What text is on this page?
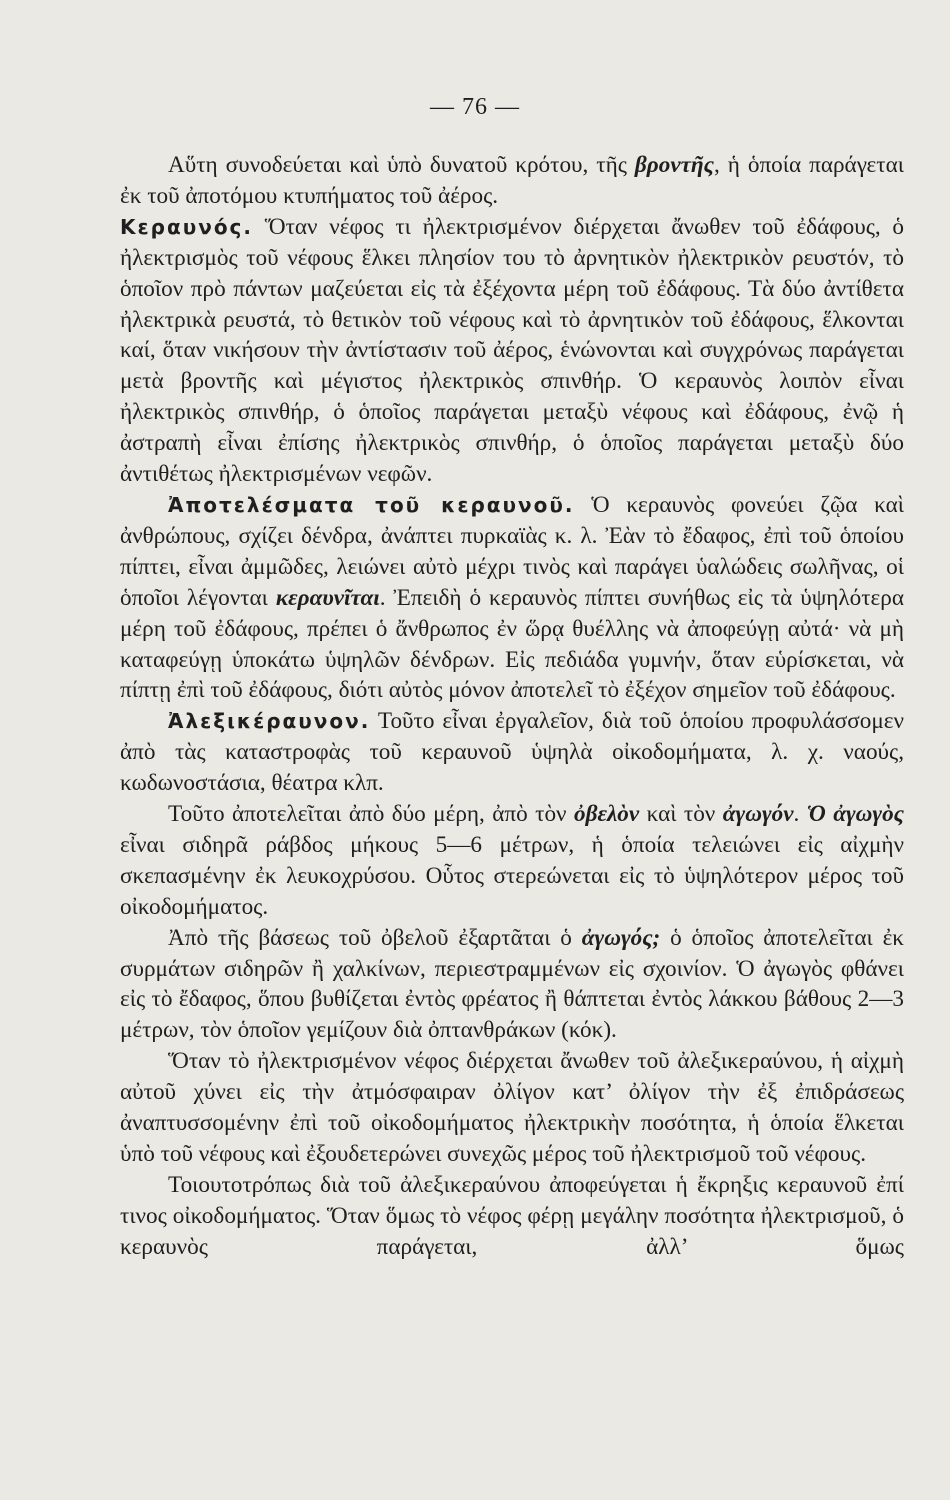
— 76 —

Αὕτη συνοδεύεται καὶ ὑπὸ δυνατοῦ κρότου, τῆς βροντῆς, ἡ ὁποία παράγεται ἐκ τοῦ ἀποτόμου κτυπήματος τοῦ ἀέρος.

Κεραυνός. Ὅταν νέφος τι ἠλεκτρισμένον διέρχεται ἄνωθεν τοῦ ἐδάφους, ὁ ἠλεκτρισμὸς τοῦ νέφους ἕλκει πλησίον του τὸ ἀρνητικὸν ἠλεκτρικὸν ρευστόν, τὸ ὁποῖον πρὸ πάντων μαζεύεται εἰς τὰ ἐξέχοντα μέρη τοῦ ἐδάφους. Τὰ δύο ἀντίθετα ἠλεκτρικὰ ρευστά, τὸ θετικὸν τοῦ νέφους καὶ τὸ ἀρνητικὸν τοῦ ἐδάφους, ἕλκονται καί, ὅταν νικήσουν τὴν ἀντίστασιν τοῦ ἀέρος, ἑνώνονται καὶ συγχρόνως παράγεται μετὰ βροντῆς καὶ μέγιστος ἠλεκτρικὸς σπινθήρ. Ὁ κεραυνὸς λοιπὸν εἶναι ἠλεκτρικὸς σπινθήρ, ὁ ὁποῖος παράγεται μεταξὺ νέφους καὶ ἐδάφους, ἐνῷ ἡ ἀστραπὴ εἶναι ἐπίσης ἠλεκτρικὸς σπινθήρ, ὁ ὁποῖος παράγεται μεταξὺ δύο ἀντιθέτως ἠλεκτρισμένων νεφῶν.

Ἀποτελέσματα τοῦ κεραυνοῦ. Ὁ κεραυνὸς φονεύει ζῷα καὶ ἀνθρώπους, σχίζει δένδρα, ἀνάπτει πυρκαϊὰς κ. λ. Ἐὰν τὸ ἔδαφος, ἐπὶ τοῦ ὁποίου πίπτει, εἶναι ἀμμῶδες, λειώνει αὐτὸ μέχρι τινὸς καὶ παράγει ὑαλώδεις σωλῆνας, οἱ ὁποῖοι λέγονται κεραυνῖται. Ἐπειδὴ ὁ κεραυνὸς πίπτει συνήθως εἰς τὰ ὑψηλότερα μέρη τοῦ ἐδάφους, πρέπει ὁ ἄνθρωπος ἐν ὥρᾳ θυέλλης νὰ ἀποφεύγῃ αὐτά· νὰ μὴ καταφεύγῃ ὑποκάτω ὑψηλῶν δένδρων. Εἰς πεδιάδα γυμνήν, ὅταν εὑρίσκεται, νὰ πίπτῃ ἐπὶ τοῦ ἐδάφους, διότι αὐτὸς μόνον ἀποτελεῖ τὸ ἐξέχον σημεῖον τοῦ ἐδάφους.

Ἀλεξικέραυνον. Τοῦτο εἶναι ἐργαλεῖον, διὰ τοῦ ὁποίου προφυλάσσομεν ἀπὸ τὰς καταστροφὰς τοῦ κεραυνοῦ ὑψηλὰ οἰκοδομήματα, λ. χ. ναούς, κωδωνοστάσια, θέατρα κλπ.

Τοῦτο ἀποτελεῖται ἀπὸ δύο μέρη, ἀπὸ τὸν ὀβελὸν καὶ τὸν ἀγωγόν. Ὁ ἀγωγὸς εἶναι σιδηρᾶ ράβδος μήκους 5—6 μέτρων, ἡ ὁποία τελειώνει εἰς αἰχμὴν σκεπασμένην ἐκ λευκοχρύσου. Οὗτος στερεώνεται εἰς τὸ ὑψηλότερον μέρος τοῦ οἰκοδομήματος.

Ἀπὸ τῆς βάσεως τοῦ ὀβελοῦ ἐξαρτᾶται ὁ ἀγωγός; ὁ ὁποῖος ἀποτελεῖται ἐκ συρμάτων σιδηρῶν ἢ χαλκίνων, περιεστραμμένων εἰς σχοινίον. Ὁ ἀγωγὸς φθάνει εἰς τὸ ἔδαφος, ὅπου βυθίζεται ἐντὸς φρέατος ἢ θάπτεται ἐντὸς λάκκου βάθους 2—3 μέτρων, τὸν ὁποῖον γεμίζουν διὰ ὀπτανθράκων (κόκ).

Ὅταν τὸ ἠλεκτρισμένον νέφος διέρχεται ἄνωθεν τοῦ ἀλεξικεραύνου, ἡ αἰχμὴ αὐτοῦ χύνει εἰς τὴν ἀτμόσφαιραν ὀλίγον κατ’ ὀλίγον τὴν ἐξ ἐπιδράσεως ἀναπτυσσομένην ἐπὶ τοῦ οἰκοδομήματος ἠλεκτρικὴν ποσότητα, ἡ ὁποία ἕλκεται ὑπὸ τοῦ νέφους καὶ ἐξουδετερώνει συνεχῶς μέρος τοῦ ἠλεκτρισμοῦ τοῦ νέφους.

Τοιουτοτρόπως διὰ τοῦ ἀλεξικεραύνου ἀποφεύγεται ἡ ἔκρηξις κεραυνοῦ ἐπί τινος οἰκοδομήματος. Ὅταν ὅμως τὸ νέφος φέρῃ μεγάλην ποσότητα ἠλεκτρισμοῦ, ὁ κεραυνὸς παράγεται, ἀλλ’ ὅμως
